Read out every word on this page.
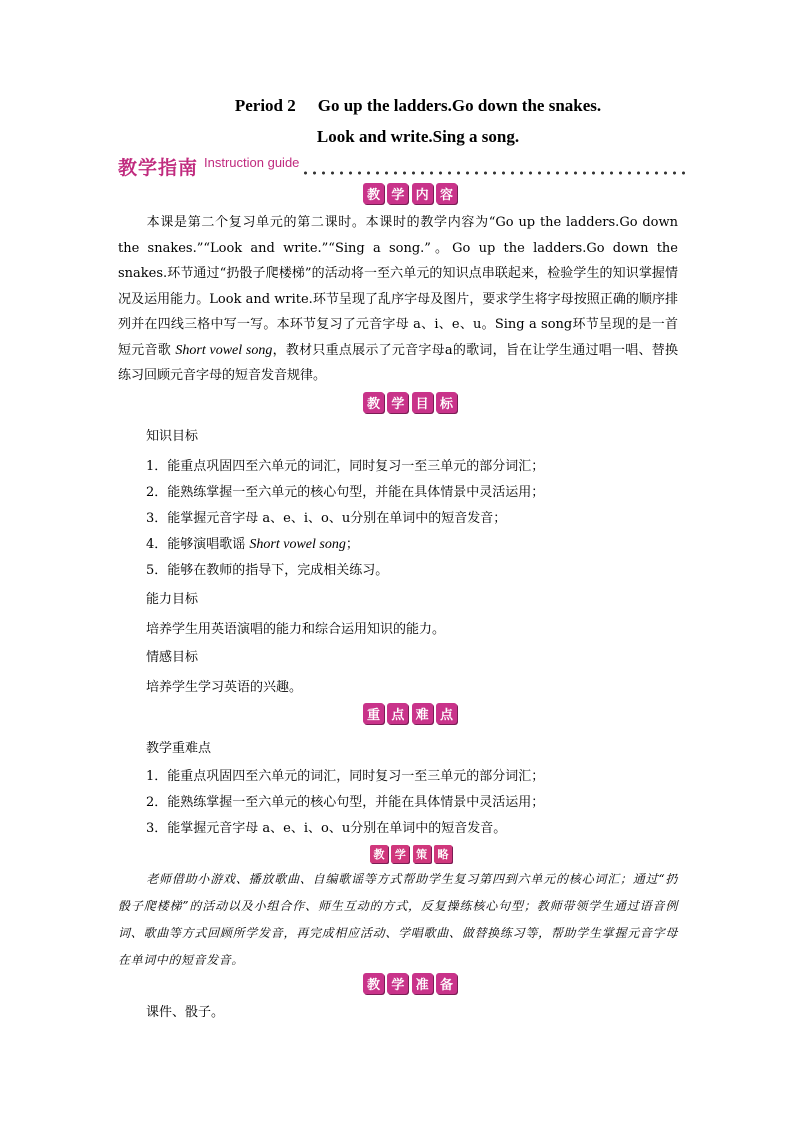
Period 2 Go up the ladders.Go down the snakes.
Look and write.Sing a song.
教学指南 Instruction guide
教 学 内 容
本课是第二个复习单元的第二课时。本课时的教学内容为“Go up the ladders.Go down the snakes.”“Look and write.”“Sing a song.”。Go up the ladders.Go down the snakes.环节通过“扔骰子爬楼梯”的活动将一至六单元的知识点串联起来，检验学生的知识掌握情况及运用能力。Look and write.环节呈现了乱序字母及图片，要求学生将字母按照正确的顺序排列并在四线三格中写一写。本环节复习了元音字母 a、i、e、u。Sing a song环节呈现的是一首短元音歌 Short vowel song，教材只重点展示了元音字母a的歌词，旨在让学生通过唱一唱、替换练习回顾元音字母的短音发音规律。
教 学 目 标
知识目标
1．能重点巩固四至六单元的词汇，同时复习一至三单元的部分词汇；
2．能熟练掌握一至六单元的核心句型，并能在具体情景中灵活运用；
3．能掌握元音字母 a、e、i、o、u分别在单词中的短音发音；
4．能够演唱歌谣 Short vowel song；
5．能够在教师的指导下，完成相关练习。
能力目标
培养学生用英语演唱的能力和综合运用知识的能力。
情感目标
培养学生学习英语的兴趣。
重 点 难 点
教学重难点
1．能重点巩固四至六单元的词汇，同时复习一至三单元的部分词汇；
2．能熟练掌握一至六单元的核心句型，并能在具体情景中灵活运用；
3．能掌握元音字母 a、e、i、o、u分别在单词中的短音发音。
教 学 策 略
老师借助小游戏、播放歌曲、自编歌谣等方式帮助学生复习第四到六单元的核心词汇；通过“扔骰子爬楼梯”的活动以及小组合作、师生互动的方式，反复操练核心句型；教师带领学生通过语音例词、歌曲等方式回顾所学发音，再完成相应活动、学唱歌曲、做替换练习等，帮助学生掌握元音字母在单词中的短音发音。
教 学 准 备
课件、骰子。
